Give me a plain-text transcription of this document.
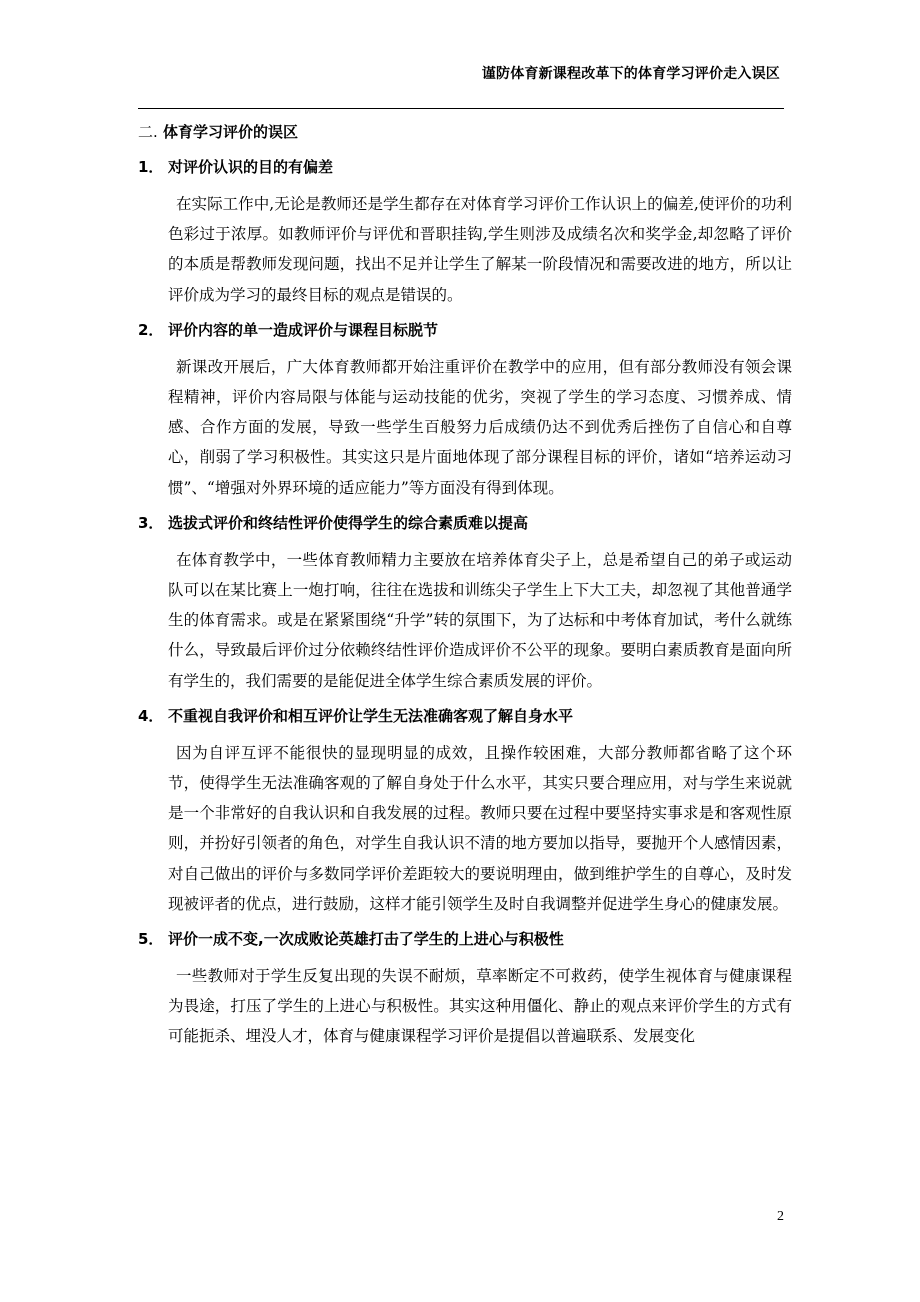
谨防体育新课程改革下的体育学习评价走入误区
二. 体育学习评价的误区
1． 对评价认识的目的有偏差
在实际工作中,无论是教师还是学生都存在对体育学习评价工作认识上的偏差,使评价的功利色彩过于浓厚。如教师评价与评优和晋职挂钩,学生则涉及成绩名次和奖学金,却忽略了评价的本质是帮教师发现问题，找出不足并让学生了解某一阶段情况和需要改进的地方，所以让评价成为学习的最终目标的观点是错误的。
2． 评价内容的单一造成评价与课程目标脱节
新课改开展后，广大体育教师都开始注重评价在教学中的应用，但有部分教师没有领会课程精神，评价内容局限与体能与运动技能的优劣，突视了学生的学习态度、习惯养成、情感、合作方面的发展，导致一些学生百般努力后成绩仍达不到优秀后挫伤了自信心和自尊心，削弱了学习积极性。其实这只是片面地体现了部分课程目标的评价，诸如“培养运动习惯”、“增强对外界环境的适应能力”等方面没有得到体现。
3． 选拔式评价和终结性评价使得学生的综合素质难以提高
在体育教学中，一些体育教师精力主要放在培养体育尖子上，总是希望自己的弟子或运动队可以在某比赛上一炮打响，往往在选拔和训练尖子学生上下大工夫，却忽视了其他普通学生的体育需求。或是在紧紧围绕“升学”转的氛围下，为了达标和中考体育加试，考什么就练什么，导致最后评价过分依赖终结性评价造成评价不公平的现象。要明白素质教育是面向所有学生的，我们需要的是能促进全体学生综合素质发展的评价。
4． 不重视自我评价和相互评价让学生无法准确客观了解自身水平
因为自评互评不能很快的显现明显的成效，且操作较困难，大部分教师都省略了这个环节，使得学生无法准确客观的了解自身处于什么水平，其实只要合理应用，对与学生来说就是一个非常好的自我认识和自我发展的过程。教师只要在过程中要坚持实事求是和客观性原则，并扮好引领者的角色，对学生自我认识不清的地方要加以指导，要抛开个人感情因素，对自己做出的评价与多数同学评价差距较大的要说明理由，做到维护学生的自尊心，及时发现被评者的优点，进行鼓励，这样才能引领学生及时自我调整并促进学生身心的健康发展。
5． 评价一成不变,一次成败论英雄打击了学生的上进心与积极性
一些教师对于学生反复出现的失误不耐烦，草率断定不可救药，使学生视体育与健康课程为畏途，打压了学生的上进心与积极性。其实这种用僵化、静止的观点来评价学生的方式有可能扼杀、埋没人才，体育与健康课程学习评价是提倡以普遍联系、发展变化
2
